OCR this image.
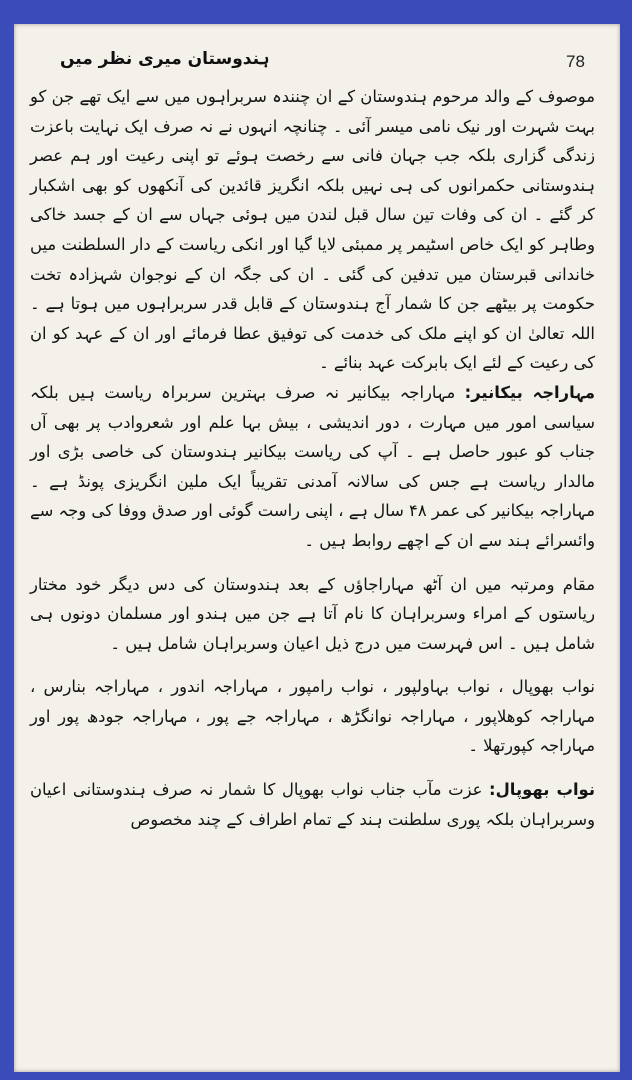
78
ہندوستان میری نظر میں

موصوف کے والد مرحوم ہندوستان کے ان چنندہ سربراہوں میں سے ایک تھے جن کو بہت شہرت اور نیک نامی میسر آئی ۔ چنانچہ انہوں نے نہ صرف ایک نہایت باعزت زندگی گزاری بلکہ جب جہان فانی سے رخصت ہوئے تو اپنی رعیت اور ہم عصر ہندوستانی حکمرانوں کی ہی نہیں بلکہ انگریز قائدین کی آنکھوں کو بھی اشکبار کر گئے ۔ ان کی وفات تین سال قبل لندن میں ہوئی جہاں سے ان کے جسد خاکی وطاہر کو ایک خاص اسٹیمر پر ممبئی لایا گیا اور انکی ریاست کے دار السلطنت میں خاندانی قبرستان میں تدفین کی گئی ۔ ان کی جگہ ان کے نوجوان شہزادہ تخت حکومت پر بیٹھے جن کا شمار آج ہندوستان کے قابل قدر سربراہوں میں ہوتا ہے ۔ اللہ تعالیٰ ان کو اپنے ملک کی خدمت کی توفیق عطا فرمائے اور ان کے عہد کو ان کی رعیت کے لئے ایک بابرکت عہد بنائے ۔

مہاراجہ بیکانیر: مہاراجہ بیکانیر نہ صرف بہترین سربراہ ریاست ہیں بلکہ سیاسی امور میں مہارت ، دور اندیشی ، بیش بہا علم اور شعروادب پر بھی آں جناب کو عبور حاصل ہے ۔ آپ کی ریاست بیکانیر ہندوستان کی خاصی بڑی اور مالدار ریاست ہے جس کی سالانہ آمدنی تقریباً ایک ملین انگریزی پونڈ ہے ۔ مہاراجہ بیکانیر کی عمر ۴۸ سال ہے ، اپنی راست گوئی اور صدق ووفا کی وجہ سے وائسرائے ہند سے ان کے اچھے روابط ہیں ۔

مقام ومرتبہ میں ان آٹھ مہاراجاؤں کے بعد ہندوستان کی دس دیگر خود مختار ریاستوں کے امراء وسربراہان کا نام آتا ہے جن میں ہندو اور مسلمان دونوں ہی شامل ہیں ۔ اس فہرست میں درج ذیل اعیان وسربراہان شامل ہیں ۔

نواب بھوپال ، نواب بہاولپور ، نواب رامپور ، مہاراجہ اندور ، مہاراجہ بنارس ، مہاراجہ کوھلاپور ، مہاراجہ نوانگڑھ ، مہاراجہ جے پور ، مہاراجہ جودھ پور اور مہاراجہ کپورتھلا ۔

نواب بھوپال: عزت مآب جناب نواب بھوپال کا شمار نہ صرف ہندوستانی اعیان وسربراہان بلکہ پوری سلطنت ہند کے تمام اطراف کے چند مخصوص
